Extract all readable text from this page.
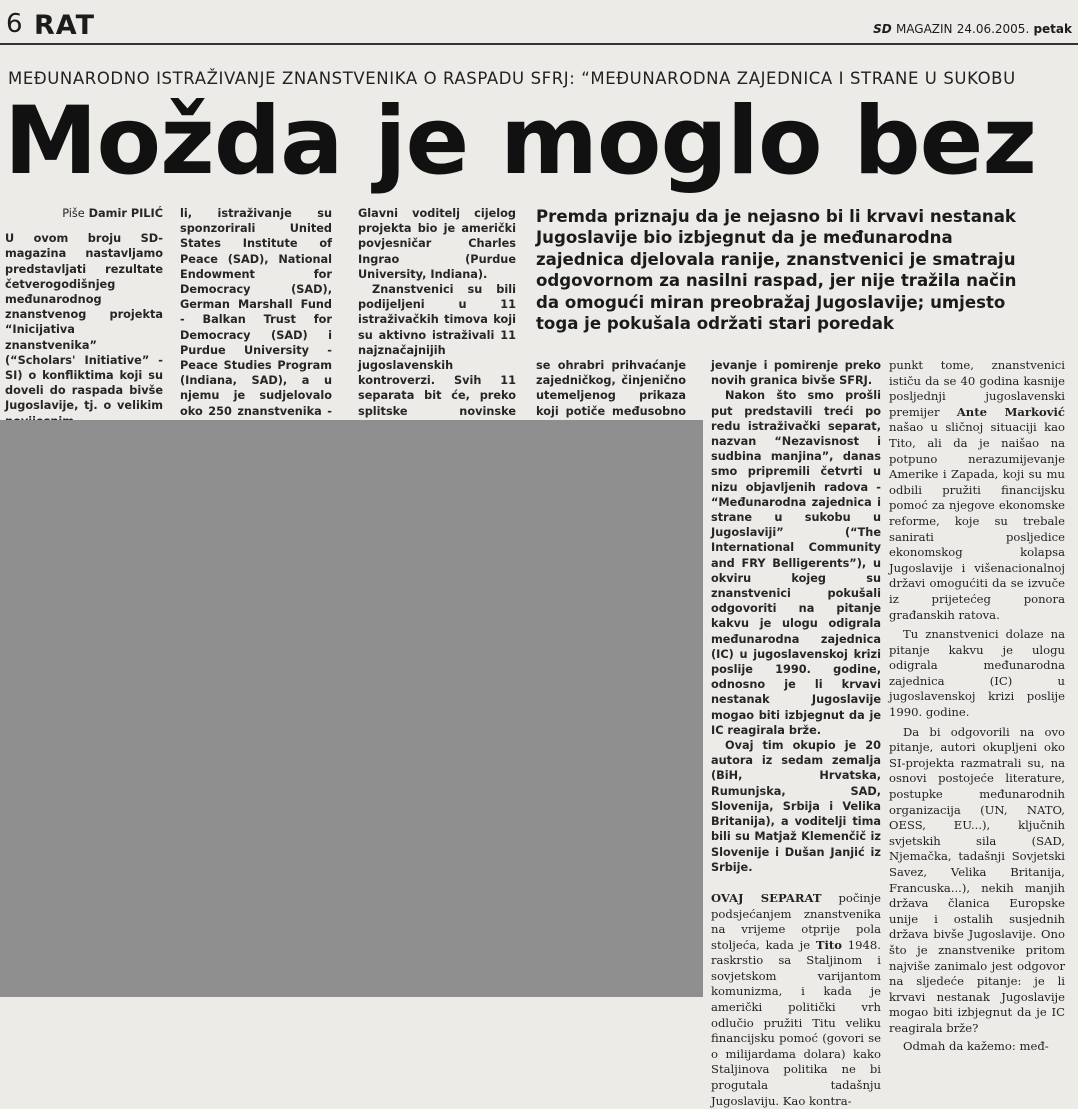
6 RAT	SD MAGAZIN 24.06.2005. petak
MEĐUNARODNO ISTRAŽIVANJE ZNANSTVENIKA O RASPADU SFRJ: “MEĐUNARODNA ZAJEDNICA I STRANE U SUKOBU
Možda je moglo bez

Piše Damir PILIĆ

U ovom broju SD-magazina nastavljamo predstavljati rezultate četverogodišnjeg međunarodnog znanstvenog projekta “Inicijativa znanstvenika” (“Scholars' Initiative” - SI) o konfliktima koji su doveli do raspada bivše Jugoslavije, tj. o velikim

li, istraživanje su sponzorirali United States Institute of Peace (SAD), National Endowment for Democracy (SAD), German Marshall Fund - Balkan Trust for Democracy (SAD) i Purdue University - Peace Studies Program (Indiana, SAD), a u njemu je sudjelovalo oko 250 znanstvenika -

Glavni voditelj cijelog projekta bio je američki povjesničar Charles Ingrao (Purdue University, Indiana).

Znanstvenici su bili podijeljeni u 11 istraživačkih timova koji su aktivno istraživali 11 najznačajnijih jugoslavenskih kontroverzi. Svih 11 separata bit će, preko splitske novinske

Premda priznaju da je nejasno bi li krvavi nestanak Jugoslavije bio izbjegnut da je međunarodna zajednica djelovala ranije, znanstvenici je smatraju odgovornom za nasilni raspad, jer nije tražila način da omogući miran preobražaj Jugoslavije; umjesto toga je pokušala održati stari poredak

se ohrabri prihvaćanje zajedničkog, činjenično utemeljenog prikaza koji potiče međusobno

jevanje i pomirenje preko novih granica bivše SFRJ.

Nakon što smo prošli put predstavili treći po redu istraživački separat, nazvan “Nezavisnost i sudbina manjina”, danas smo pripremili četvrti u nizu objavljenih radova - “Međunarodna zajednica i strane u sukobu u Jugoslaviji” (“The International Community and FRY Belligerents”), u okviru kojeg su znanstvenici pokušali odgovoriti na pitanje kakvu je ulogu odigrala međunarodna zajednica (IC) u jugoslavenskoj krizi poslije 1990. godine, odnosno je li krvavi nestanak Jugoslavije mogao biti izbjegnut da je IC reagirala brže.

Ovaj tim okupio je 20 autora iz sedam zemalja (BiH, Hrvatska, Rumunjska, SAD, Slovenija, Srbija i Velika Britanija), a voditelji tima bili su Matjaž Klemenčič iz Slovenije i Dušan Janjić iz Srbije.

OVAJ SEPARAT počinje podsjećanjem znanstvenika na vrijeme otprije pola stoljeća, kada je Tito 1948. raskrstio sa Staljinom i sovjetskom varijantom komunizma, i kada je američki politički vrh odlučio pružiti Titu veliku financijsku pomoć (govori se o milijardama dolara) kako Staljinova politika ne bi progutala tadašnju Jugoslaviju. Kao kontra-

punkt tome, znanstvenici ističu da se 40 godina kasnije posljednji jugoslavenski premijer Ante Marković našao u sličnoj situaciji kao Tito, ali da je naišao na potpuno nerazumijevanje Amerike i Zapada, koji su mu odbili pružiti financijsku pomoć za njegove ekonomske reforme, koje su trebale sanirati posljedice ekonomskog kolapsa Jugoslavije i višenacionalnoj državi omogućiti da se izvuče iz prijetećeg ponora građanskih ratova.

Tu znanstvenici dolaze na pitanje kakvu je ulogu odigrala međunarodna zajednica (IC) u jugoslavenskoj krizi poslije 1990. godine.

Da bi odgovorili na ovo pitanje, autori okupljeni oko SI-projekta razmatrali su, na osnovi postojeće literature, postupke međunarodnih organizacija (UN, NATO, OESS, EU...), ključnih svjetskih sila (SAD, Njemačka, tadašnji Sovjetski Savez, Velika Britanija, Francuska...), nekih manjih država članica Europske unije i ostalih susjednih država bivše Jugoslavije. Ono što je znanstvenike pritom najviše zanimalo jest odgovor na sljedeće pitanje: je li krvavi nestanak Jugoslavije mogao biti izbjegnut da je IC reagirala brže?

Odmah da kažemo: međ-
